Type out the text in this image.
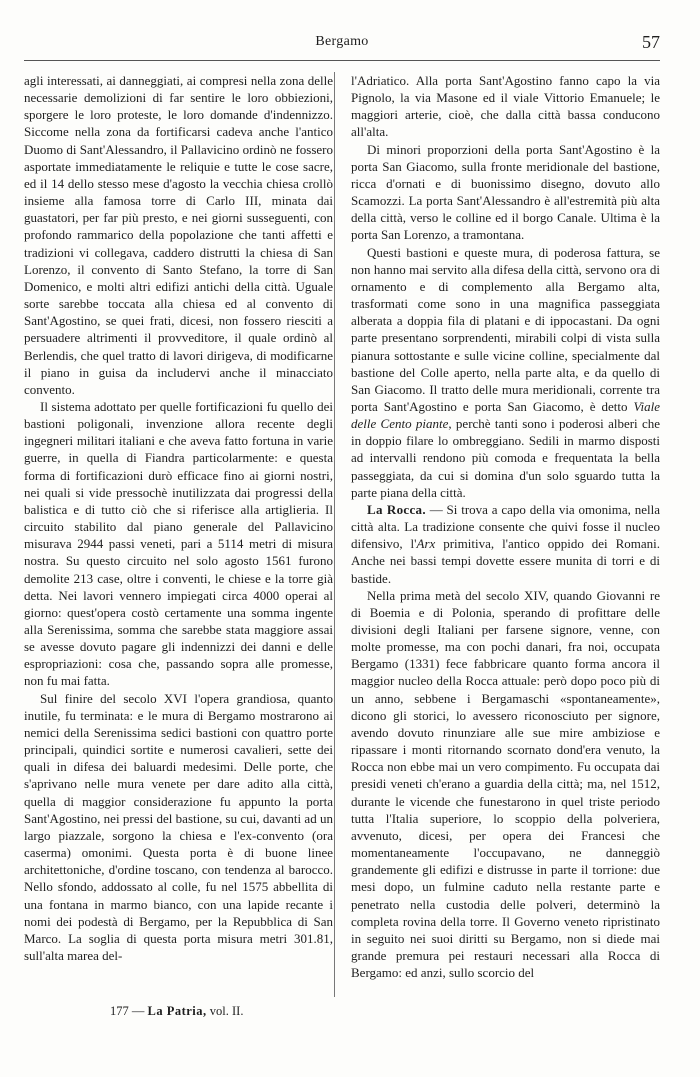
Bergamo	57

agli interessati, ai danneggiati, ai compresi nella zona delle necessarie demolizioni di far sentire le loro obbiezioni, sporgere le loro proteste, le loro domande d'indennizzo. Siccome nella zona da fortificarsi cadeva anche l'antico Duomo di Sant'Alessandro, il Pallavicino ordinò ne fossero asportate immediatamente le reliquie e tutte le cose sacre, ed il 14 dello stesso mese d'agosto la vecchia chiesa crollò insieme alla famosa torre di Carlo III, minata dai guastatori, per far più presto, e nei giorni susseguenti, con profondo rammarico della popolazione che tanti affetti e tradizioni vi collegava, caddero distrutti la chiesa di San Lorenzo, il convento di Santo Stefano, la torre di San Domenico, e molti altri edifizi antichi della città. Uguale sorte sarebbe toccata alla chiesa ed al convento di Sant'Agostino, se quei frati, dicesi, non fossero riesciti a persuadere altrimenti il provveditore, il quale ordinò al Berlendis, che quel tratto di lavori dirigeva, di modificarne il piano in guisa da includervi anche il minacciato convento.

Il sistema adottato per quelle fortificazioni fu quello dei bastioni poligonali, invenzione allora recente degli ingegneri militari italiani e che aveva fatto fortuna in varie guerre, in quella di Fiandra particolarmente: e questa forma di fortificazioni durò efficace fino ai giorni nostri, nei quali si vide pressochè inutilizzata dai progressi della balistica e di tutto ciò che si riferisce alla artiglieria. Il circuito stabilito dal piano generale del Pallavicino misurava 2944 passi veneti, pari a 5114 metri di misura nostra. Su questo circuito nel solo agosto 1561 furono demolite 213 case, oltre i conventi, le chiese e la torre già detta. Nei lavori vennero impiegati circa 4000 operai al giorno: quest'opera costò certamente una somma ingente alla Serenissima, somma che sarebbe stata maggiore assai se avesse dovuto pagare gli indennizzi dei danni e delle espropriazioni: cosa che, passando sopra alle promesse, non fu mai fatta.

Sul finire del secolo XVI l'opera grandiosa, quanto inutile, fu terminata: e le mura di Bergamo mostrarono ai nemici della Serenissima sedici bastioni con quattro porte principali, quindici sortite e numerosi cavalieri, sette dei quali in difesa dei baluardi medesimi. Delle porte, che s'aprivano nelle mura venete per dare adito alla città, quella di maggior considerazione fu appunto la porta Sant'Agostino, nei pressi del bastione, su cui, davanti ad un largo piazzale, sorgono la chiesa e l'ex-convento (ora caserma) omonimi. Questa porta è di buone linee architettoniche, d'ordine toscano, con tendenza al barocco. Nello sfondo, addossato al colle, fu nel 1575 abbellita di una fontana in marmo bianco, con una lapide recante i nomi dei podestà di Bergamo, per la Repubblica di San Marco. La soglia di questa porta misura metri 301.81, sull'alta marea del-

l'Adriatico. Alla porta Sant'Agostino fanno capo la via Pignolo, la via Masone ed il viale Vittorio Emanuele; le maggiori arterie, cioè, che dalla città bassa conducono all'alta.

Di minori proporzioni della porta Sant'Agostino è la porta San Giacomo, sulla fronte meridionale del bastione, ricca d'ornati e di buonissimo disegno, dovuto allo Scamozzi. La porta Sant'Alessandro è all'estremità più alta della città, verso le colline ed il borgo Canale. Ultima è la porta San Lorenzo, a tramontana.

Questi bastioni e queste mura, di poderosa fattura, se non hanno mai servito alla difesa della città, servono ora di ornamento e di complemento alla Bergamo alta, trasformati come sono in una magnifica passeggiata alberata a doppia fila di platani e di ippocastani. Da ogni parte presentano sorprendenti, mirabili colpi di vista sulla pianura sottostante e sulle vicine colline, specialmente dal bastione del Colle aperto, nella parte alta, e da quello di San Giacomo. Il tratto delle mura meridionali, corrente tra porta Sant'Agostino e porta San Giacomo, è detto Viale delle Cento piante, perchè tanti sono i poderosi alberi che in doppio filare lo ombreggiano. Sedili in marmo disposti ad intervalli rendono più comoda e frequentata la bella passeggiata, da cui si domina d'un solo sguardo tutta la parte piana della città.

La Rocca. — Si trova a capo della via omonima, nella città alta. La tradizione consente che quivi fosse il nucleo difensivo, l'Arx primitiva, l'antico oppido dei Romani. Anche nei bassi tempi dovette essere munita di torri e di bastide.

Nella prima metà del secolo XIV, quando Giovanni re di Boemia e di Polonia, sperando di profittare delle divisioni degli Italiani per farsene signore, venne, con molte promesse, ma con pochi danari, fra noi, occupata Bergamo (1331) fece fabbricare quanto forma ancora il maggior nucleo della Rocca attuale: però dopo poco più di un anno, sebbene i Bergamaschi «spontaneamente», dicono gli storici, lo avessero riconosciuto per signore, avendo dovuto rinunziare alle sue mire ambiziose e ripassare i monti ritornando scornato dond'era venuto, la Rocca non ebbe mai un vero compimento. Fu occupata dai presidi veneti ch'erano a guardia della città; ma, nel 1512, durante le vicende che funestarono in quel triste periodo tutta l'Italia superiore, lo scoppio della polveriera, avvenuto, dicesi, per opera dei Francesi che momentaneamente l'occupavano, ne danneggiò grandemente gli edifizi e distrusse in parte il torrione: due mesi dopo, un fulmine caduto nella restante parte e penetrato nella custodia delle polveri, determinò la completa rovina della torre. Il Governo veneto ripristinato in seguito nei suoi diritti su Bergamo, non si diede mai grande premura pei restauri necessari alla Rocca di Bergamo: ed anzi, sullo scorcio del

177 — La Patria, vol. II.
